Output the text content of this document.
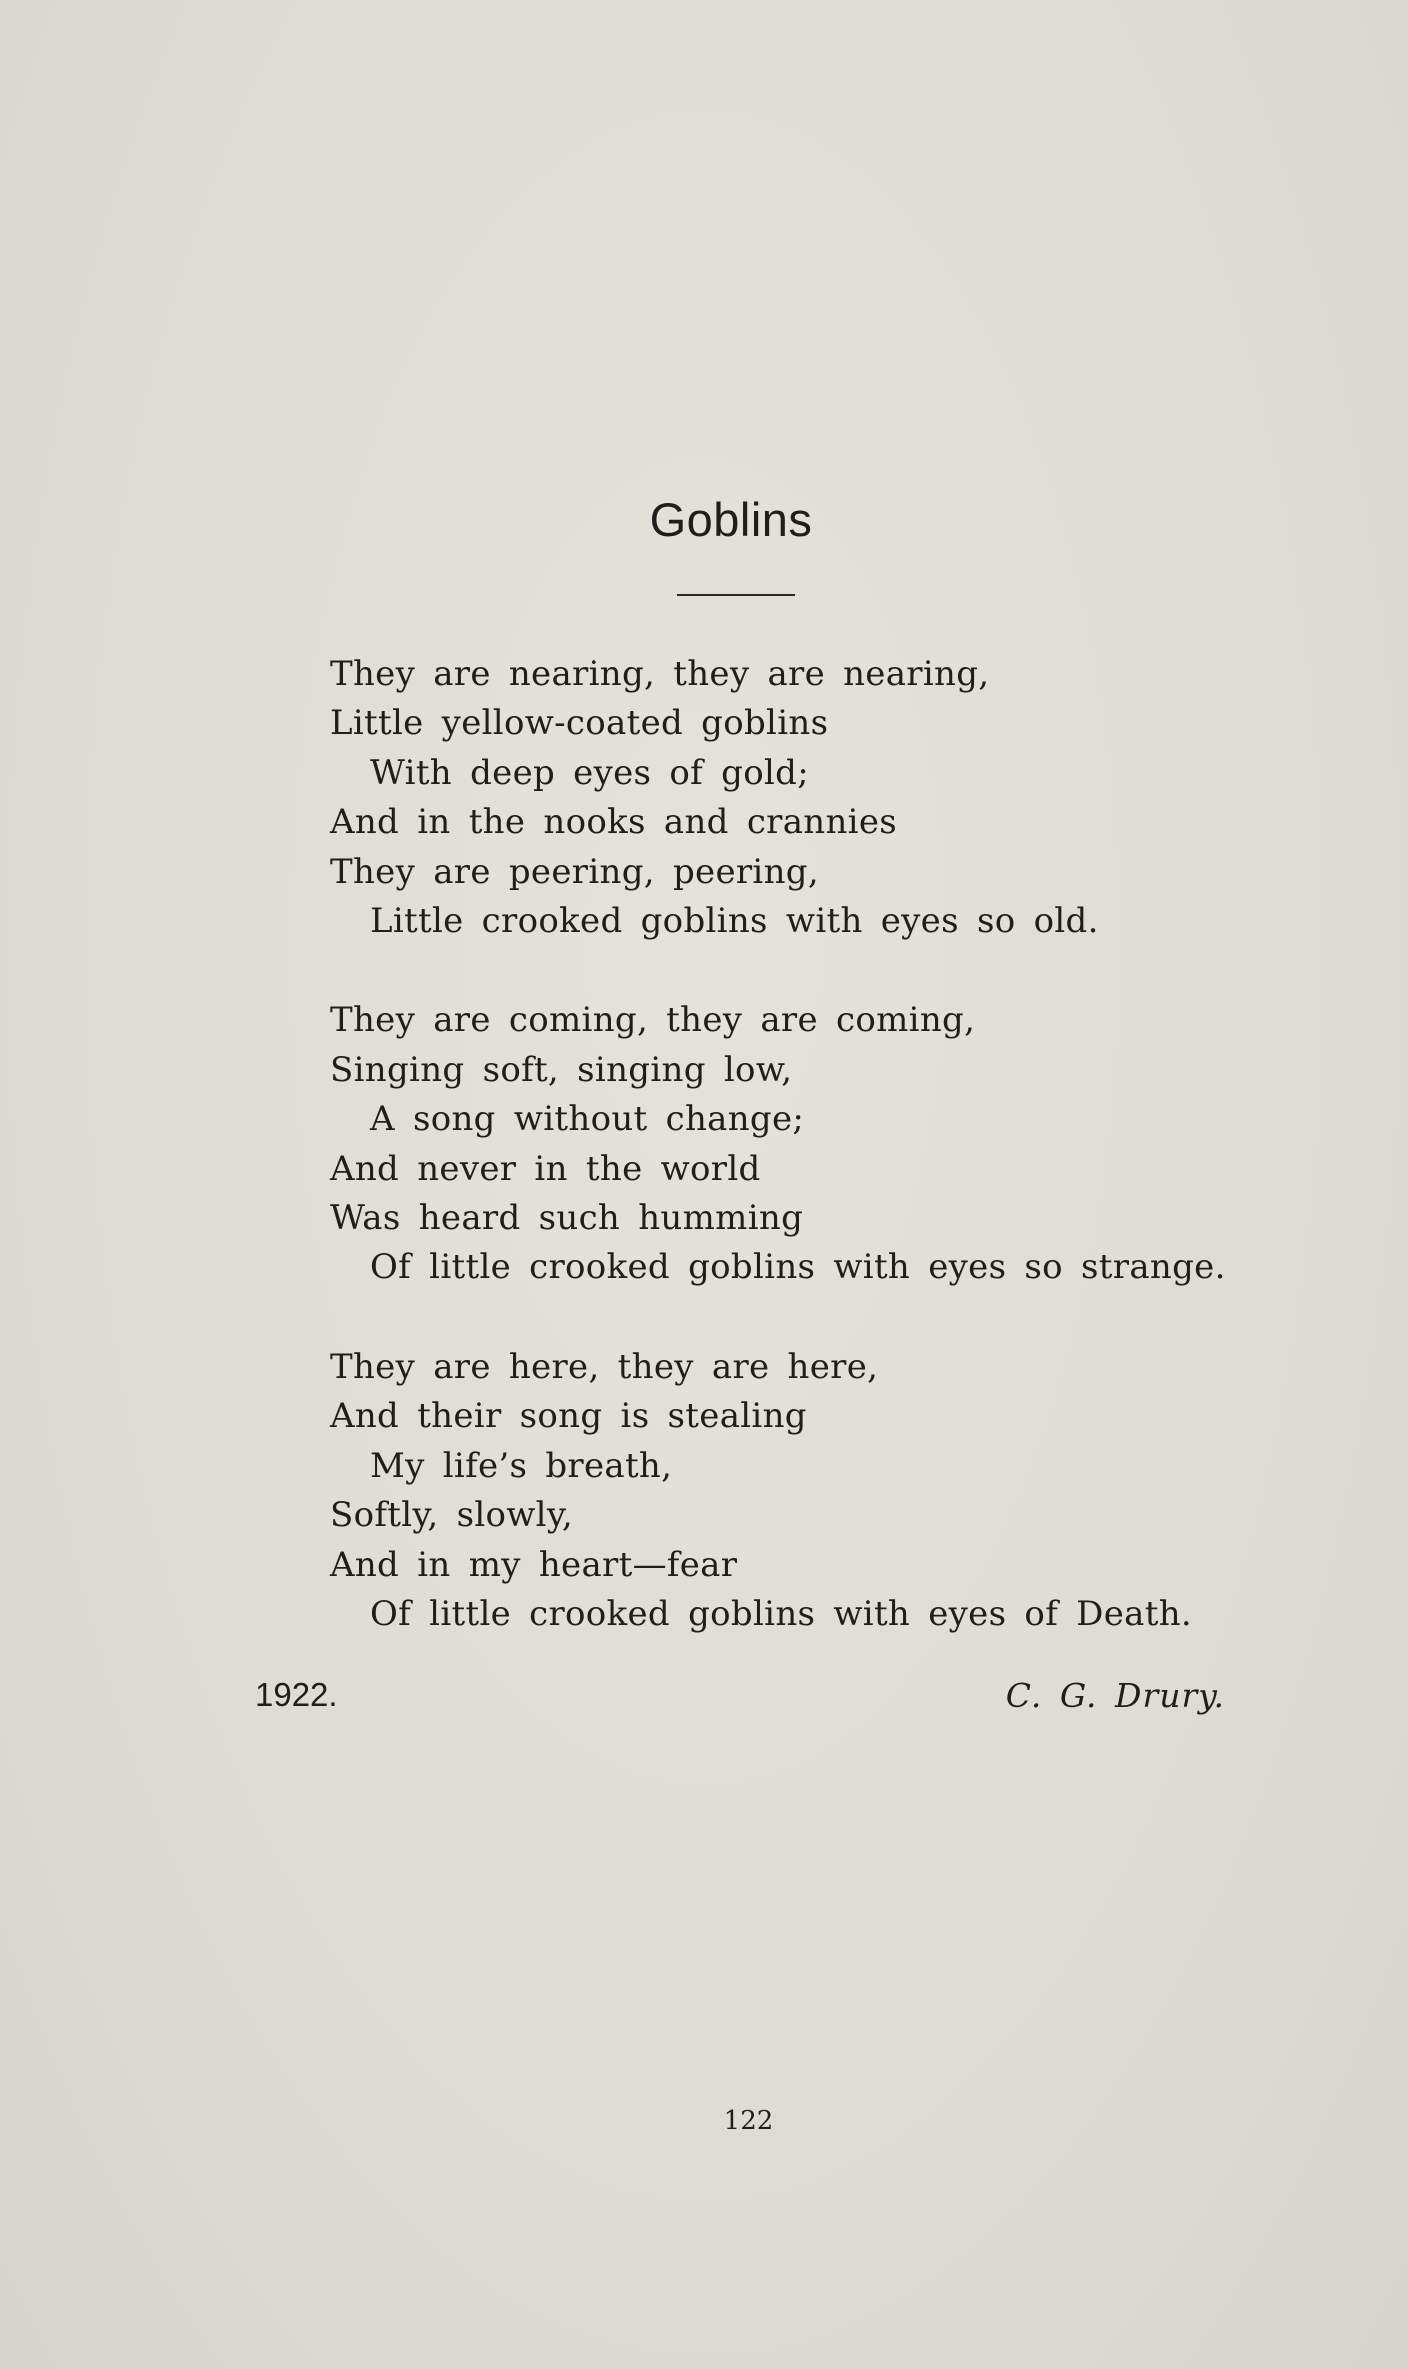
Goblins
They are nearing, they are nearing,
Little yellow-coated goblins
With deep eyes of gold;
And in the nooks and crannies
They are peering, peering,
Little crooked goblins with eyes so old.
They are coming, they are coming,
Singing soft, singing low,
A song without change;
And never in the world
Was heard such humming
Of little crooked goblins with eyes so strange.
They are here, they are here,
And their song is stealing
My life’s breath,
Softly, slowly,
And in my heart—fear
Of little crooked goblins with eyes of Death.
1922.	C. G. Drury.
122
